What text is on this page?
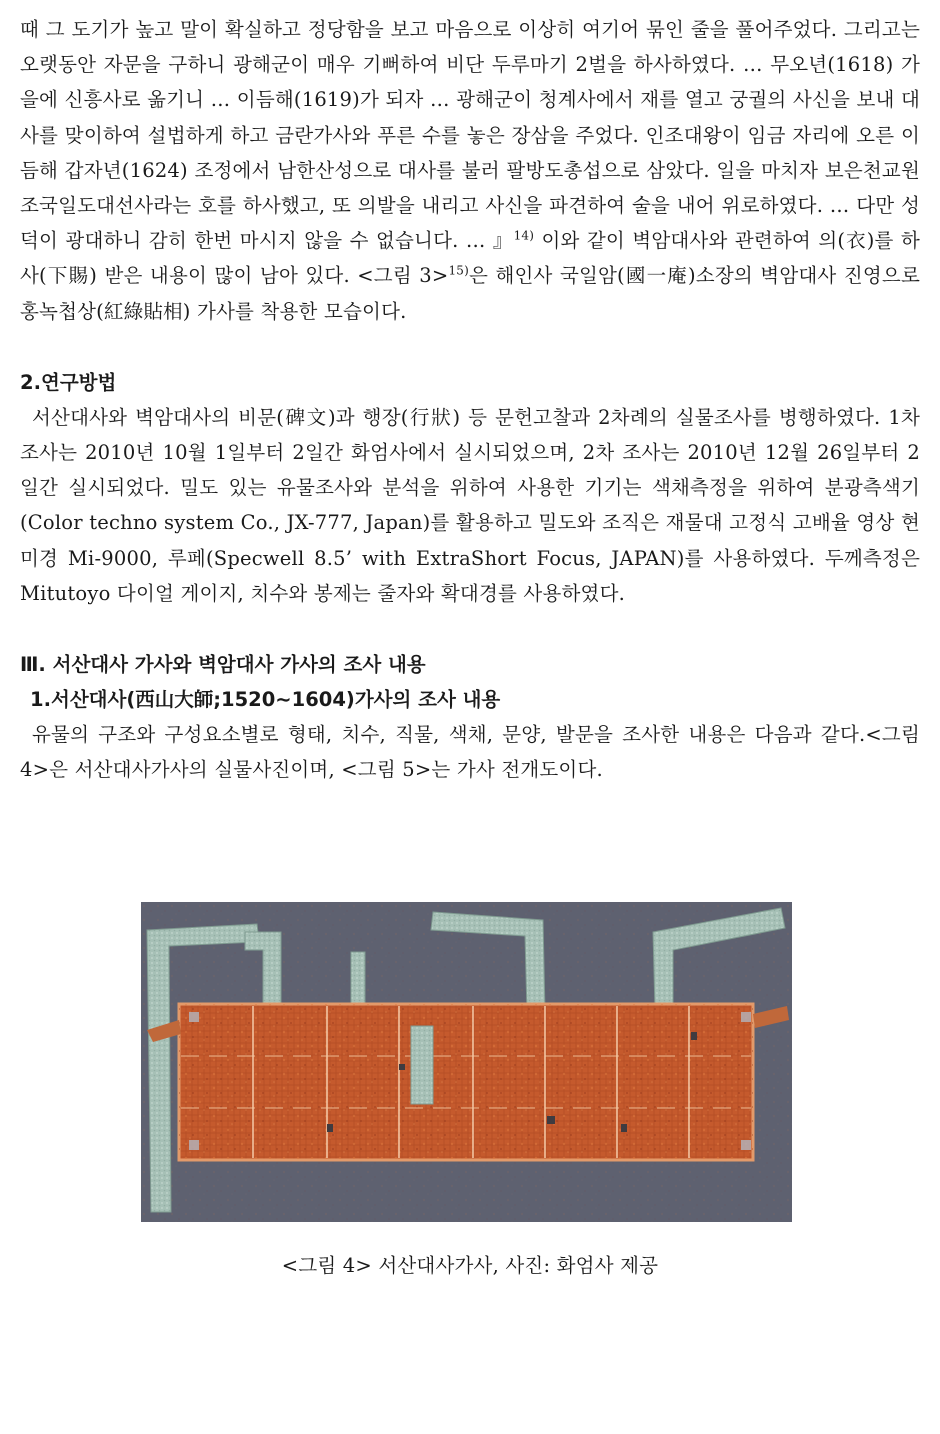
때 그 도기가 높고 말이 확실하고 정당함을 보고 마음으로 이상히 여기어 묶인 줄을 풀어주었다. 그리고는 오랫동안 자문을 구하니 광해군이 매우 기뻐하여 비단 두루마기 2벌을 하사하였다. … 무오년(1618) 가을에 신흥사로 옮기니 … 이듬해(1619)가 되자 … 광해군이 청계사에서 재를 열고 궁궐의 사신을 보내 대사를 맞이하여 설법하게 하고 금란가사와 푸른 수를 놓은 장삼을 주었다. 인조대왕이 임금 자리에 오른 이듬해 갑자년(1624) 조정에서 남한산성으로 대사를 불러 팔방도총섭으로 삼았다. 일을 마치자 보은천교원조국일도대선사라는 호를 하사했고, 또 의발을 내리고 사신을 파견하여 술을 내어 위로하였다. … 다만 성덕이 광대하니 감히 한번 마시지 않을 수 없습니다. … 』$^{14)}$ 이와 같이 벽암대사와 관련하여 의(衣)를 하사(下賜) 받은 내용이 많이 남아 있다. <그림 3>$^{15)}$은 해인사 국일암(國一庵)소장의 벽암대사 진영으로 홍녹첩상(紅綠貼相) 가사를 착용한 모습이다.

2.연구방법

서산대사와 벽암대사의 비문(碑文)과 행장(行狀) 등 문헌고찰과 2차례의 실물조사를 병행하였다. 1차 조사는 2010년 10월 1일부터 2일간 화엄사에서 실시되었으며, 2차 조사는 2010년 12월 26일부터 2일간 실시되었다. 밀도 있는 유물조사와 분석을 위하여 사용한 기기는 색채측정을 위하여 분광측색기(Color techno system Co., JX-777, Japan)를 활용하고 밀도와 조직은 재물대 고정식 고배율 영상 현미경 Mi-9000, 루페(Specwell 8.5’ with ExtraShort Focus, JAPAN)를 사용하였다. 두께측정은 Mitutoyo 다이얼 게이지, 치수와 봉제는 줄자와 확대경를 사용하였다.

Ⅲ. 서산대사 가사와 벽암대사 가사의 조사 내용
1.서산대사(西山大師;1520∼1604)가사의 조사 내용

유물의 구조와 구성요소별로 형태, 치수, 직물, 색채, 문양, 발문을 조사한 내용은 다음과 같다.<그림 4>은 서산대사가사의 실물사진이며, <그림 5>는 가사 전개도이다.

<그림 4> 서산대사가사, 사진: 화엄사 제공
